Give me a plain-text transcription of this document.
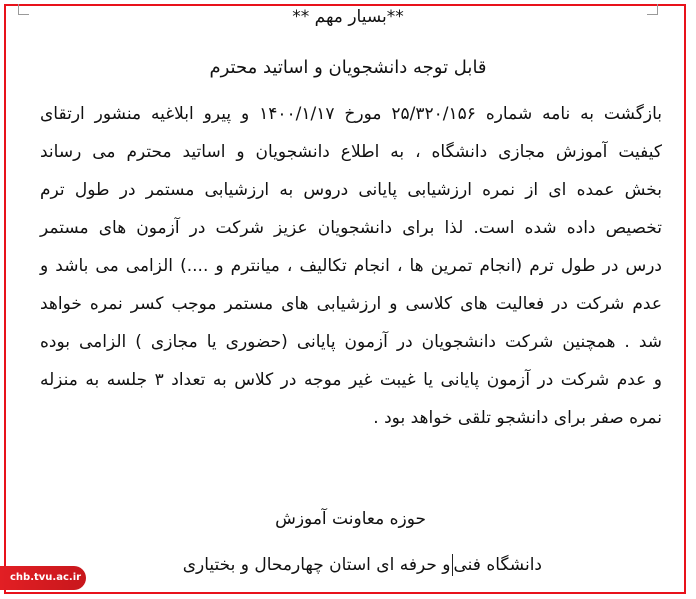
**بسیار مهم **
قابل توجه دانشجویان و اساتید محترم
بازگشت به نامه شماره ۲۵/۳۲۰/۱۵۶ مورخ ۱۴۰۰/۱/۱۷ و پیرو ابلاغیه منشور ارتقای
کیفیت آموزش مجازی دانشگاه ، به اطلاع دانشجویان و اساتید محترم می رساند
بخش عمده ای از نمره ارزشیابی پایانی دروس به ارزشیابی مستمر در طول ترم
تخصیص داده شده است. لذا برای دانشجویان عزیز شرکت در آزمون های مستمر
درس در طول ترم (انجام تمرین ها ، انجام تکالیف ، میانترم و ....) الزامی می باشد و
عدم شرکت در فعالیت های کلاسی و ارزشیابی های مستمر موجب کسر نمره خواهد
شد . همچنین شرکت دانشجویان در آزمون پایانی (حضوری یا مجازی ) الزامی بوده
و عدم شرکت در آزمون پایانی یا غیبت غیر موجه در کلاس به تعداد ۳ جلسه به منزله
نمره صفر برای دانشجو تلقی خواهد بود .
حوزه معاونت آموزش
دانشگاه فنیو حرفه ای استان چهارمحال و بختیاری
chb.tvu.ac.ir
